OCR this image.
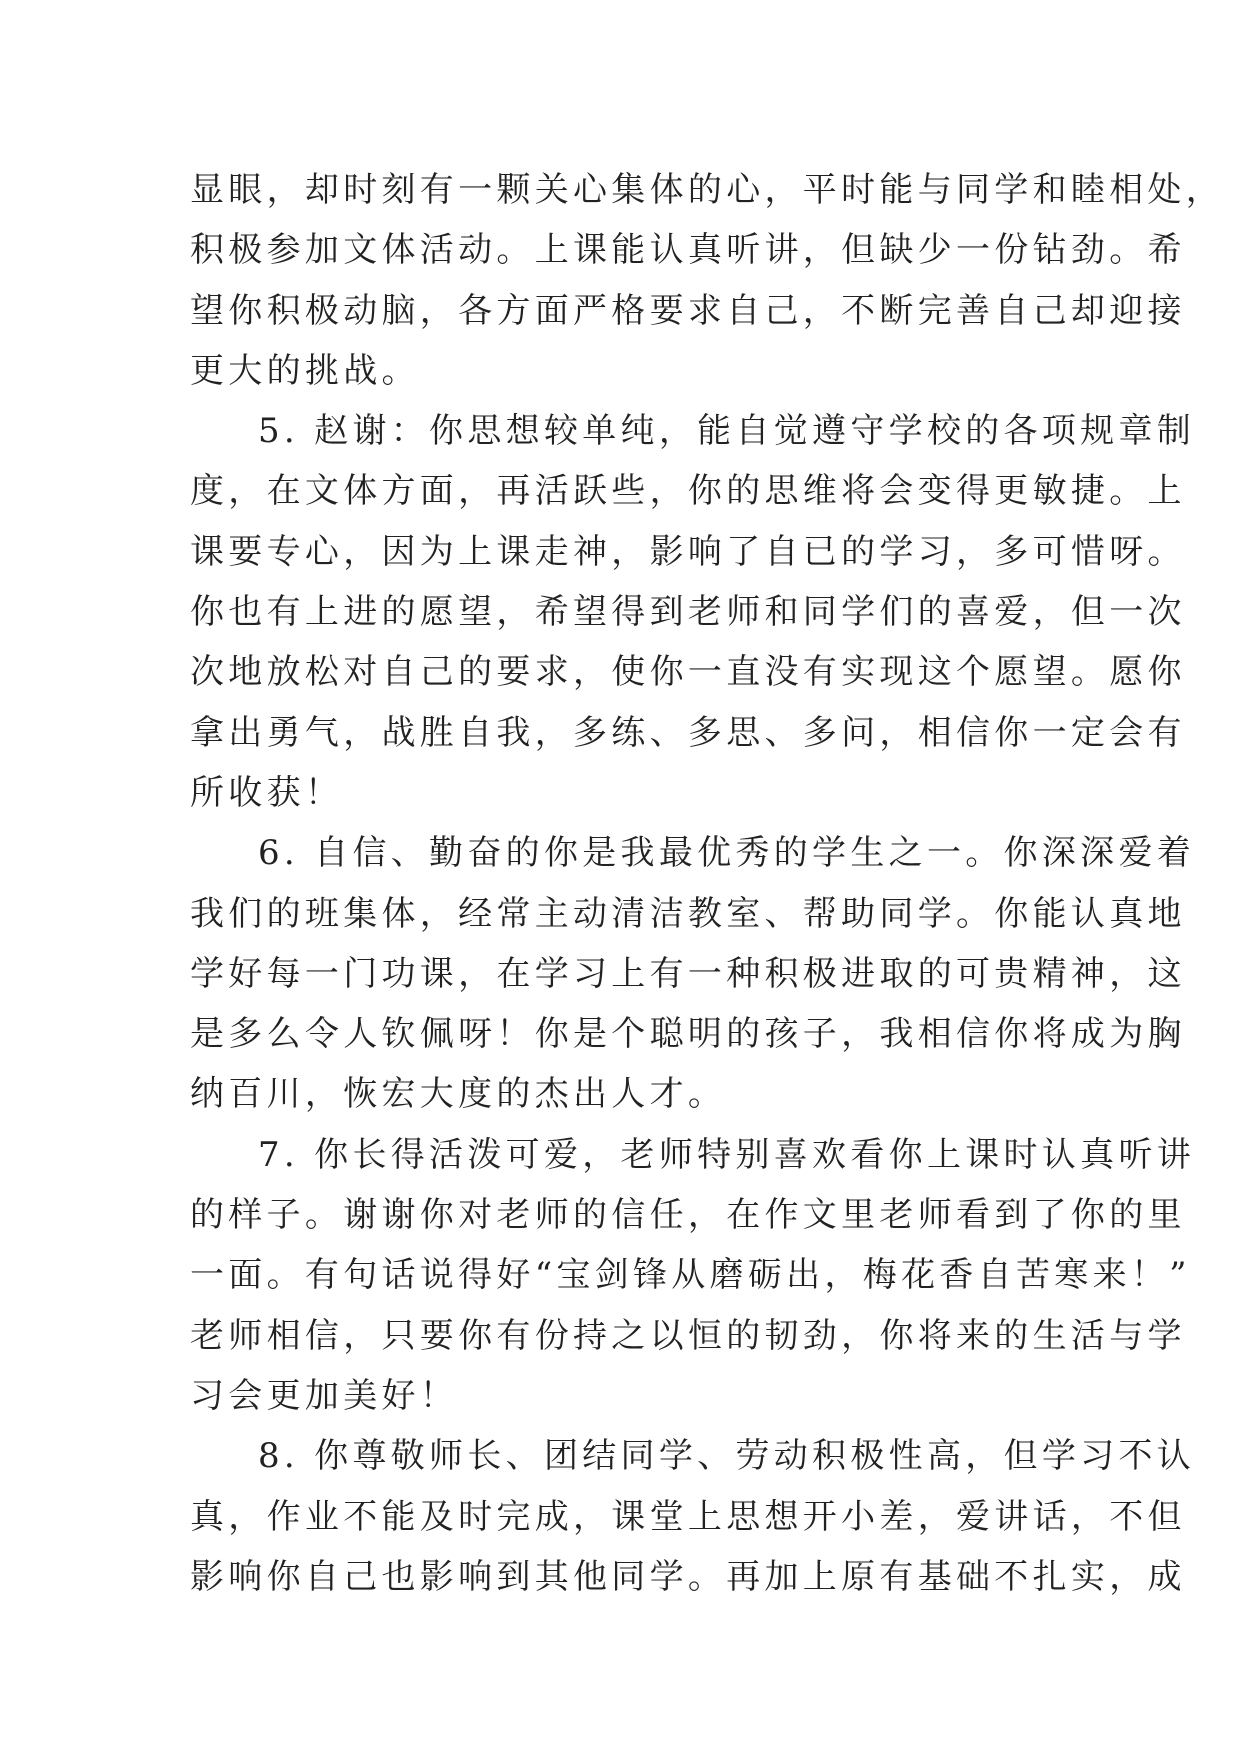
显眼，却时刻有一颗关心集体的心，平时能与同学和睦相处，
积极参加文体活动。上课能认真听讲，但缺少一份钻劲。希
望你积极动脑，各方面严格要求自己，不断完善自己却迎接
更大的挑战。
5. 赵谢：你思想较单纯，能自觉遵守学校的各项规章制
度，在文体方面，再活跃些，你的思维将会变得更敏捷。上
课要专心，因为上课走神，影响了自已的学习，多可惜呀。
你也有上进的愿望，希望得到老师和同学们的喜爱，但一次
次地放松对自己的要求，使你一直没有实现这个愿望。愿你
拿出勇气，战胜自我，多练、多思、多问，相信你一定会有
所收获！
6. 自信、勤奋的你是我最优秀的学生之一。你深深爱着
我们的班集体，经常主动清洁教室、帮助同学。你能认真地
学好每一门功课，在学习上有一种积极进取的可贵精神，这
是多么令人钦佩呀！你是个聪明的孩子，我相信你将成为胸
纳百川，恢宏大度的杰出人才。
7. 你长得活泼可爱，老师特别喜欢看你上课时认真听讲
的样子。谢谢你对老师的信任，在作文里老师看到了你的里
一面。有句话说得好“宝剑锋从磨砺出，梅花香自苦寒来！”
老师相信，只要你有份持之以恒的韧劲，你将来的生活与学
习会更加美好！
8. 你尊敬师长、团结同学、劳动积极性高，但学习不认
真，作业不能及时完成，课堂上思想开小差，爱讲话，不但
影响你自己也影响到其他同学。再加上原有基础不扎实，成
